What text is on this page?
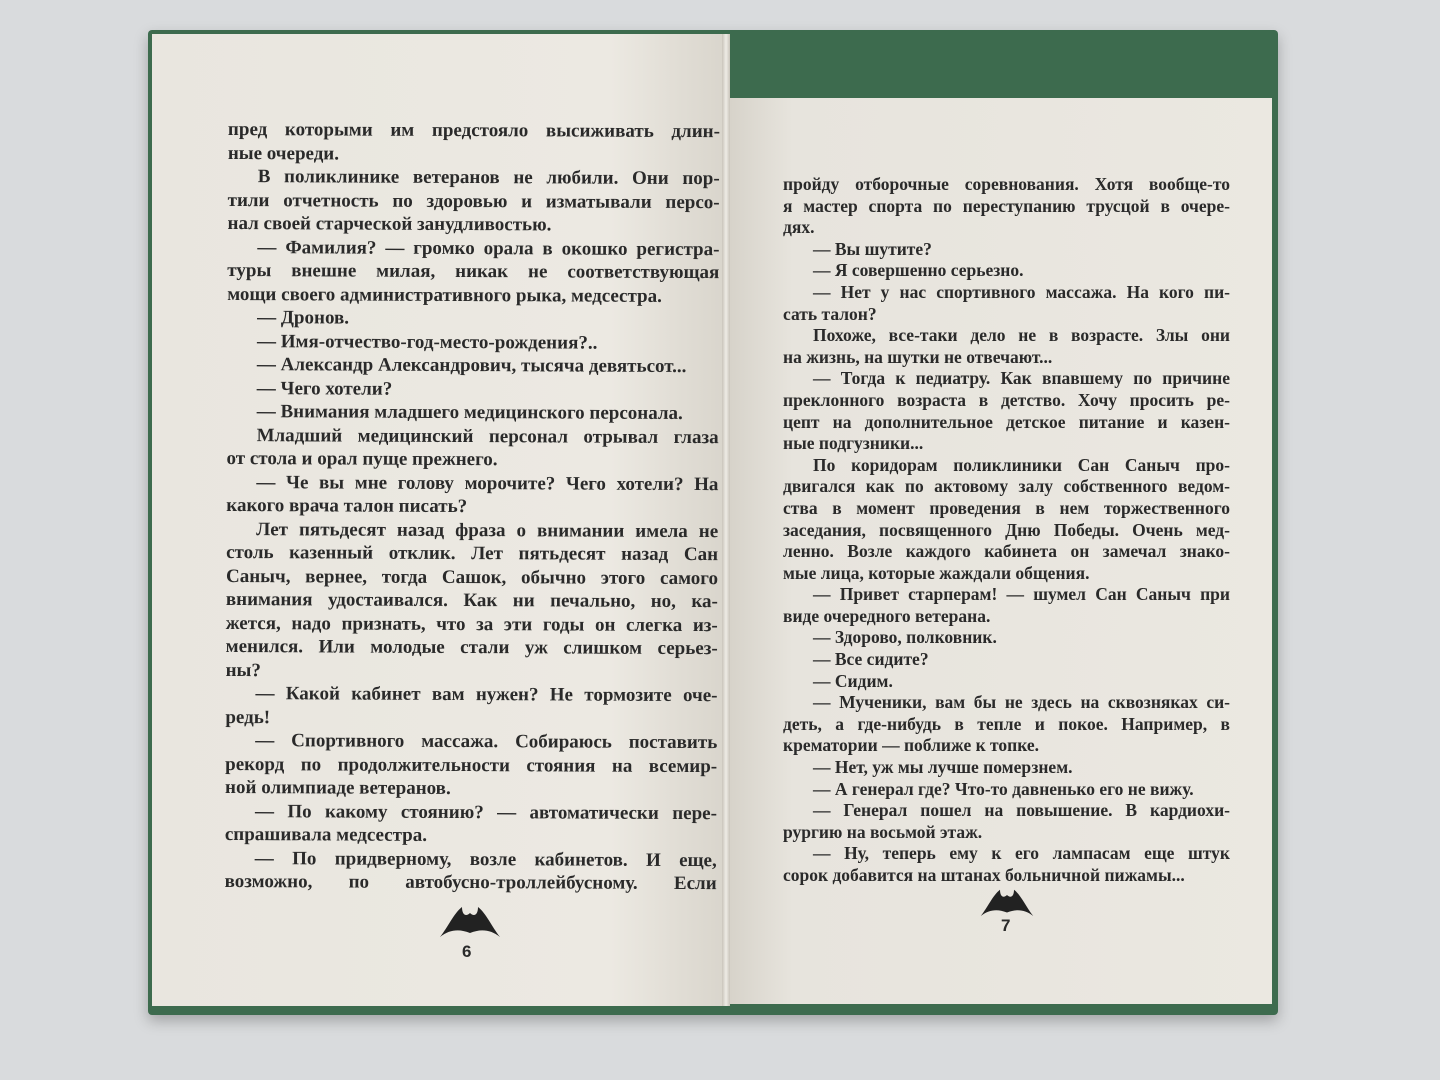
пред которыми им предстояло высиживать длин-
ные очереди.
В поликлинике ветеранов не любили. Они пор-
тили отчетность по здоровью и изматывали персо-
нал своей старческой занудливостью.
— Фамилия? — громко орала в окошко регистра-
туры внешне милая, никак не соответствующая
мощи своего административного рыка, медсестра.
— Дронов.
— Имя-отчество-год-место-рождения?..
— Александр Александрович, тысяча девятьсот...
— Чего хотели?
— Внимания младшего медицинского персонала.
Младший медицинский персонал отрывал глаза
от стола и орал пуще прежнего.
— Че вы мне голову морочите? Чего хотели? На
какого врача талон писать?
Лет пятьдесят назад фраза о внимании имела не
столь казенный отклик. Лет пятьдесят назад Сан
Саныч, вернее, тогда Сашок, обычно этого самого
внимания удостаивался. Как ни печально, но, ка-
жется, надо признать, что за эти годы он слегка из-
менился. Или молодые стали уж слишком серьез-
ны?
— Какой кабинет вам нужен? Не тормозите оче-
редь!
— Спортивного массажа. Собираюсь поставить
рекорд по продолжительности стояния на всемир-
ной олимпиаде ветеранов.
— По какому стоянию? — автоматически пере-
спрашивала медсестра.
— По придверному, возле кабинетов. И еще,
возможно, по автобусно-троллейбусному. Если
пройду отборочные соревнования. Хотя вообще-то
я мастер спорта по переступанию трусцой в очере-
дях.
— Вы шутите?
— Я совершенно серьезно.
— Нет у нас спортивного массажа. На кого пи-
сать талон?
Похоже, все-таки дело не в возрасте. Злы они
на жизнь, на шутки не отвечают...
— Тогда к педиатру. Как впавшему по причине
преклонного возраста в детство. Хочу просить ре-
цепт на дополнительное детское питание и казен-
ные подгузники...
По коридорам поликлиники Сан Саныч про-
двигался как по актовому залу собственного ведом-
ства в момент проведения в нем торжественного
заседания, посвященного Дню Победы. Очень мед-
ленно. Возле каждого кабинета он замечал знако-
мые лица, которые жаждали общения.
— Привет старперам! — шумел Сан Саныч при
виде очередного ветерана.
— Здорово, полковник.
— Все сидите?
— Сидим.
— Мученики, вам бы не здесь на сквозняках си-
деть, а где-нибудь в тепле и покое. Например, в
крематории — поближе к топке.
— Нет, уж мы лучше померзнем.
— А генерал где? Что-то давненько его не вижу.
— Генерал пошел на повышение. В кардиохи-
рургию на восьмой этаж.
— Ну, теперь ему к его лампасам еще штук
сорок добавится на штанах больничной пижамы...
6
7
